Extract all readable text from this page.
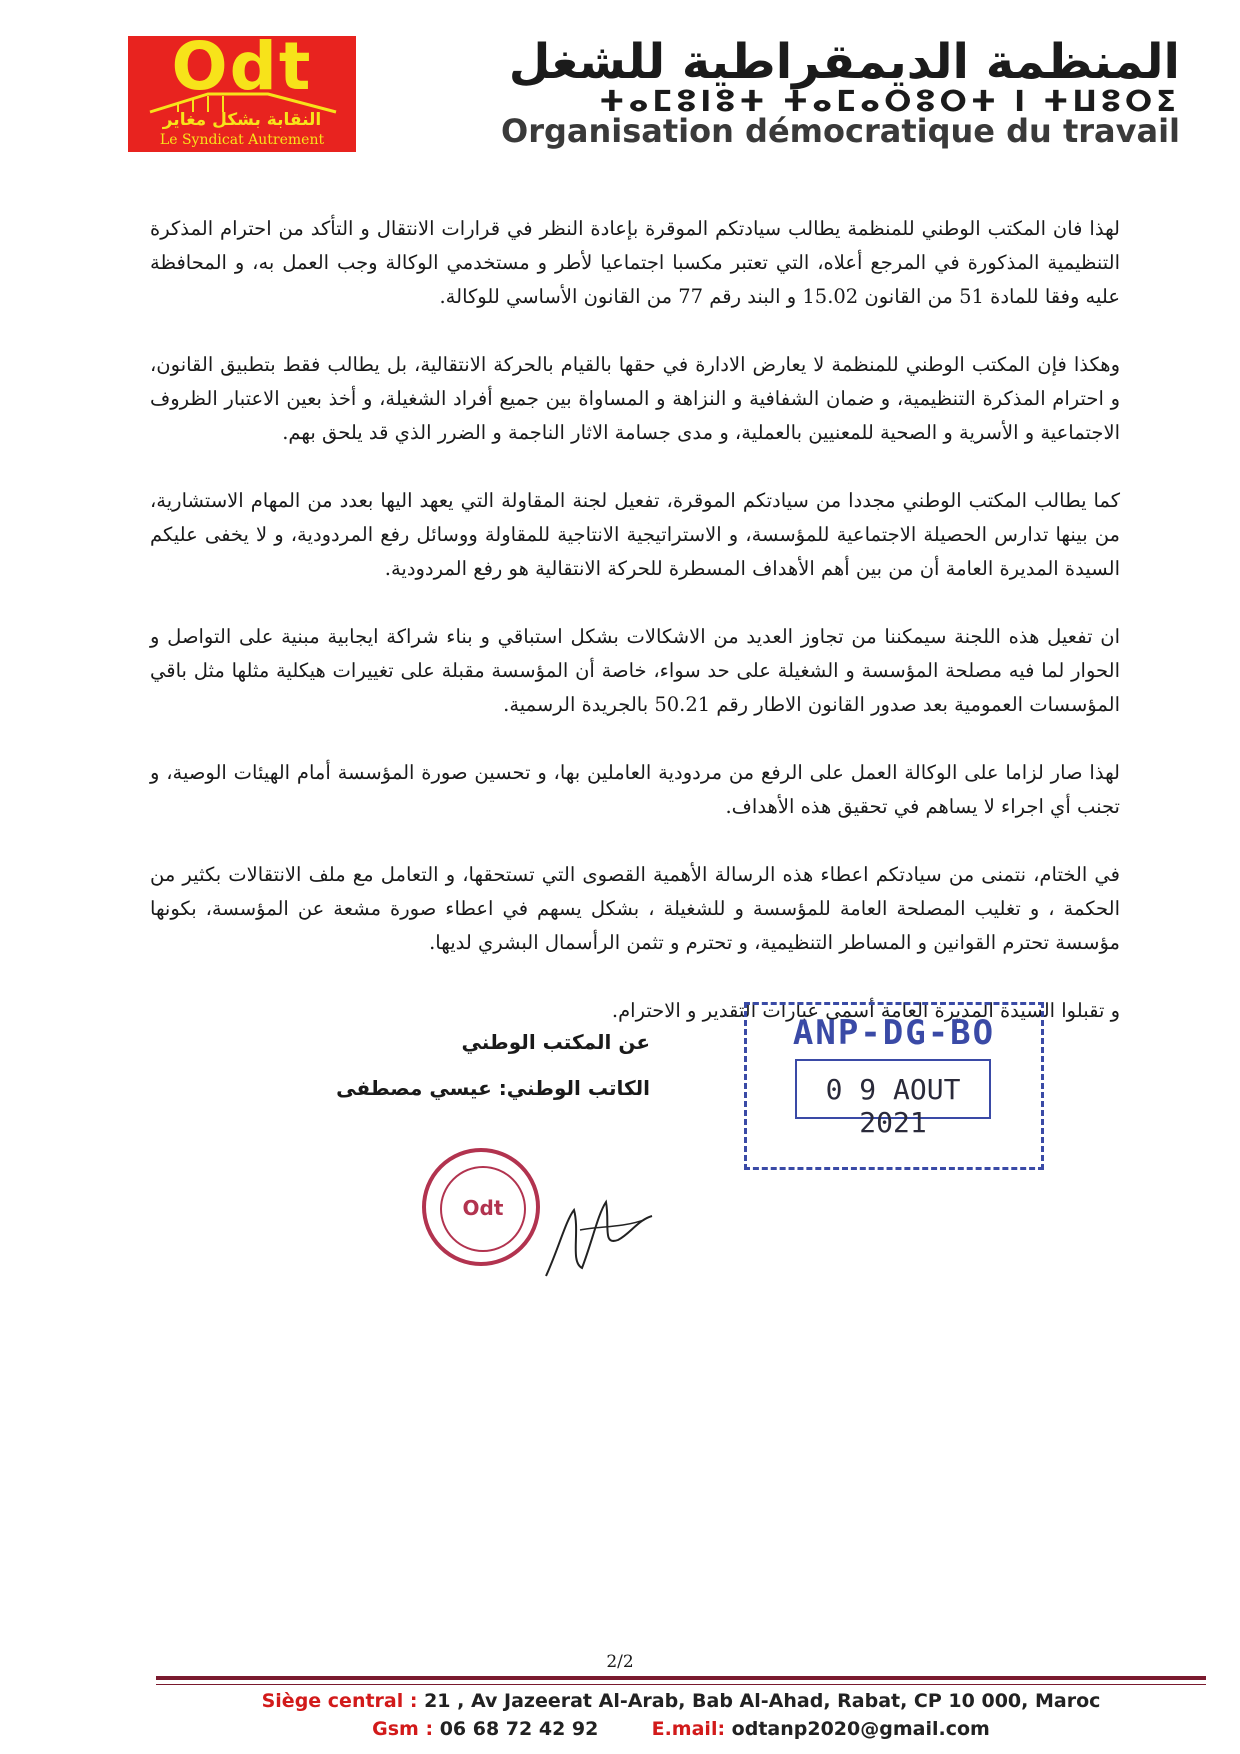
Odt
النقابة بشكل مغاير
Le Syndicat Autrement
المنظمة الديمقراطية للشغل
ⵜⴰⵎⵓⵏⵓⵜ ⵜⴰⵎⴰⵔⵓⵔⵜ ⵏ ⵜⵡⵓⵔⵉ
Organisation démocratique du travail

لهذا فان المكتب الوطني للمنظمة يطالب سيادتكم الموقرة بإعادة النظر في قرارات الانتقال و التأكد من احترام المذكرة التنظيمية المذكورة في المرجع أعلاه، التي تعتبر مكسبا اجتماعيا لأطر و مستخدمي الوكالة وجب العمل به، و المحافظة عليه وفقا للمادة 51 من القانون 15.02 و البند رقم 77 من القانون الأساسي للوكالة.

وهكذا فإن المكتب الوطني للمنظمة لا يعارض الادارة في حقها بالقيام بالحركة الانتقالية، بل يطالب فقط بتطبيق القانون، و احترام المذكرة التنظيمية، و ضمان الشفافية و النزاهة و المساواة بين جميع أفراد الشغيلة، و أخذ بعين الاعتبار الظروف الاجتماعية و الأسرية و الصحية للمعنيين بالعملية، و مدى جسامة الاثار الناجمة و الضرر الذي قد يلحق بهم.

كما يطالب المكتب الوطني مجددا من سيادتكم الموقرة، تفعيل لجنة المقاولة التي يعهد اليها بعدد من المهام الاستشارية، من بينها تدارس الحصيلة الاجتماعية للمؤسسة، و الاستراتيجية الانتاجية للمقاولة ووسائل رفع المردودية، و لا يخفى عليكم السيدة المديرة العامة أن من بين أهم الأهداف المسطرة للحركة الانتقالية هو رفع المردودية.

ان تفعيل هذه اللجنة سيمكننا من تجاوز العديد من الاشكالات بشكل استباقي و بناء شراكة ايجابية مبنية على التواصل و الحوار لما فيه مصلحة المؤسسة و الشغيلة على حد سواء، خاصة أن المؤسسة مقبلة على تغييرات هيكلية مثلها مثل باقي المؤسسات العمومية بعد صدور القانون الاطار رقم 50.21 بالجريدة الرسمية.

لهذا صار لزاما على الوكالة العمل على الرفع من مردودية العاملين بها، و تحسين صورة المؤسسة أمام الهيئات الوصية، و تجنب أي اجراء لا يساهم في تحقيق هذه الأهداف.

في الختام، نتمنى من سيادتكم اعطاء هذه الرسالة الأهمية القصوى التي تستحقها، و التعامل مع ملف الانتقالات بكثير من الحكمة ، و تغليب المصلحة العامة للمؤسسة و للشغيلة ، بشكل يسهم في اعطاء صورة مشعة عن المؤسسة، بكونها مؤسسة تحترم القوانين و المساطر التنظيمية، و تحترم و تثمن الرأسمال البشري لديها.

و تقبلوا السيدة المديرة العامة أسمى عبارات التقدير و الاحترام.

عن المكتب الوطني
الكاتب الوطني: عيسي مصطفى
Odt
ANP-DG-BO
0 9 AOUT 2021
2/2
Siège central : 21 , Av Jazeerat Al-Arab, Bab Al-Ahad, Rabat, CP 10 000, Maroc
Gsm : 06 68 72 42 92	E.mail: odtanp2020@gmail.com
